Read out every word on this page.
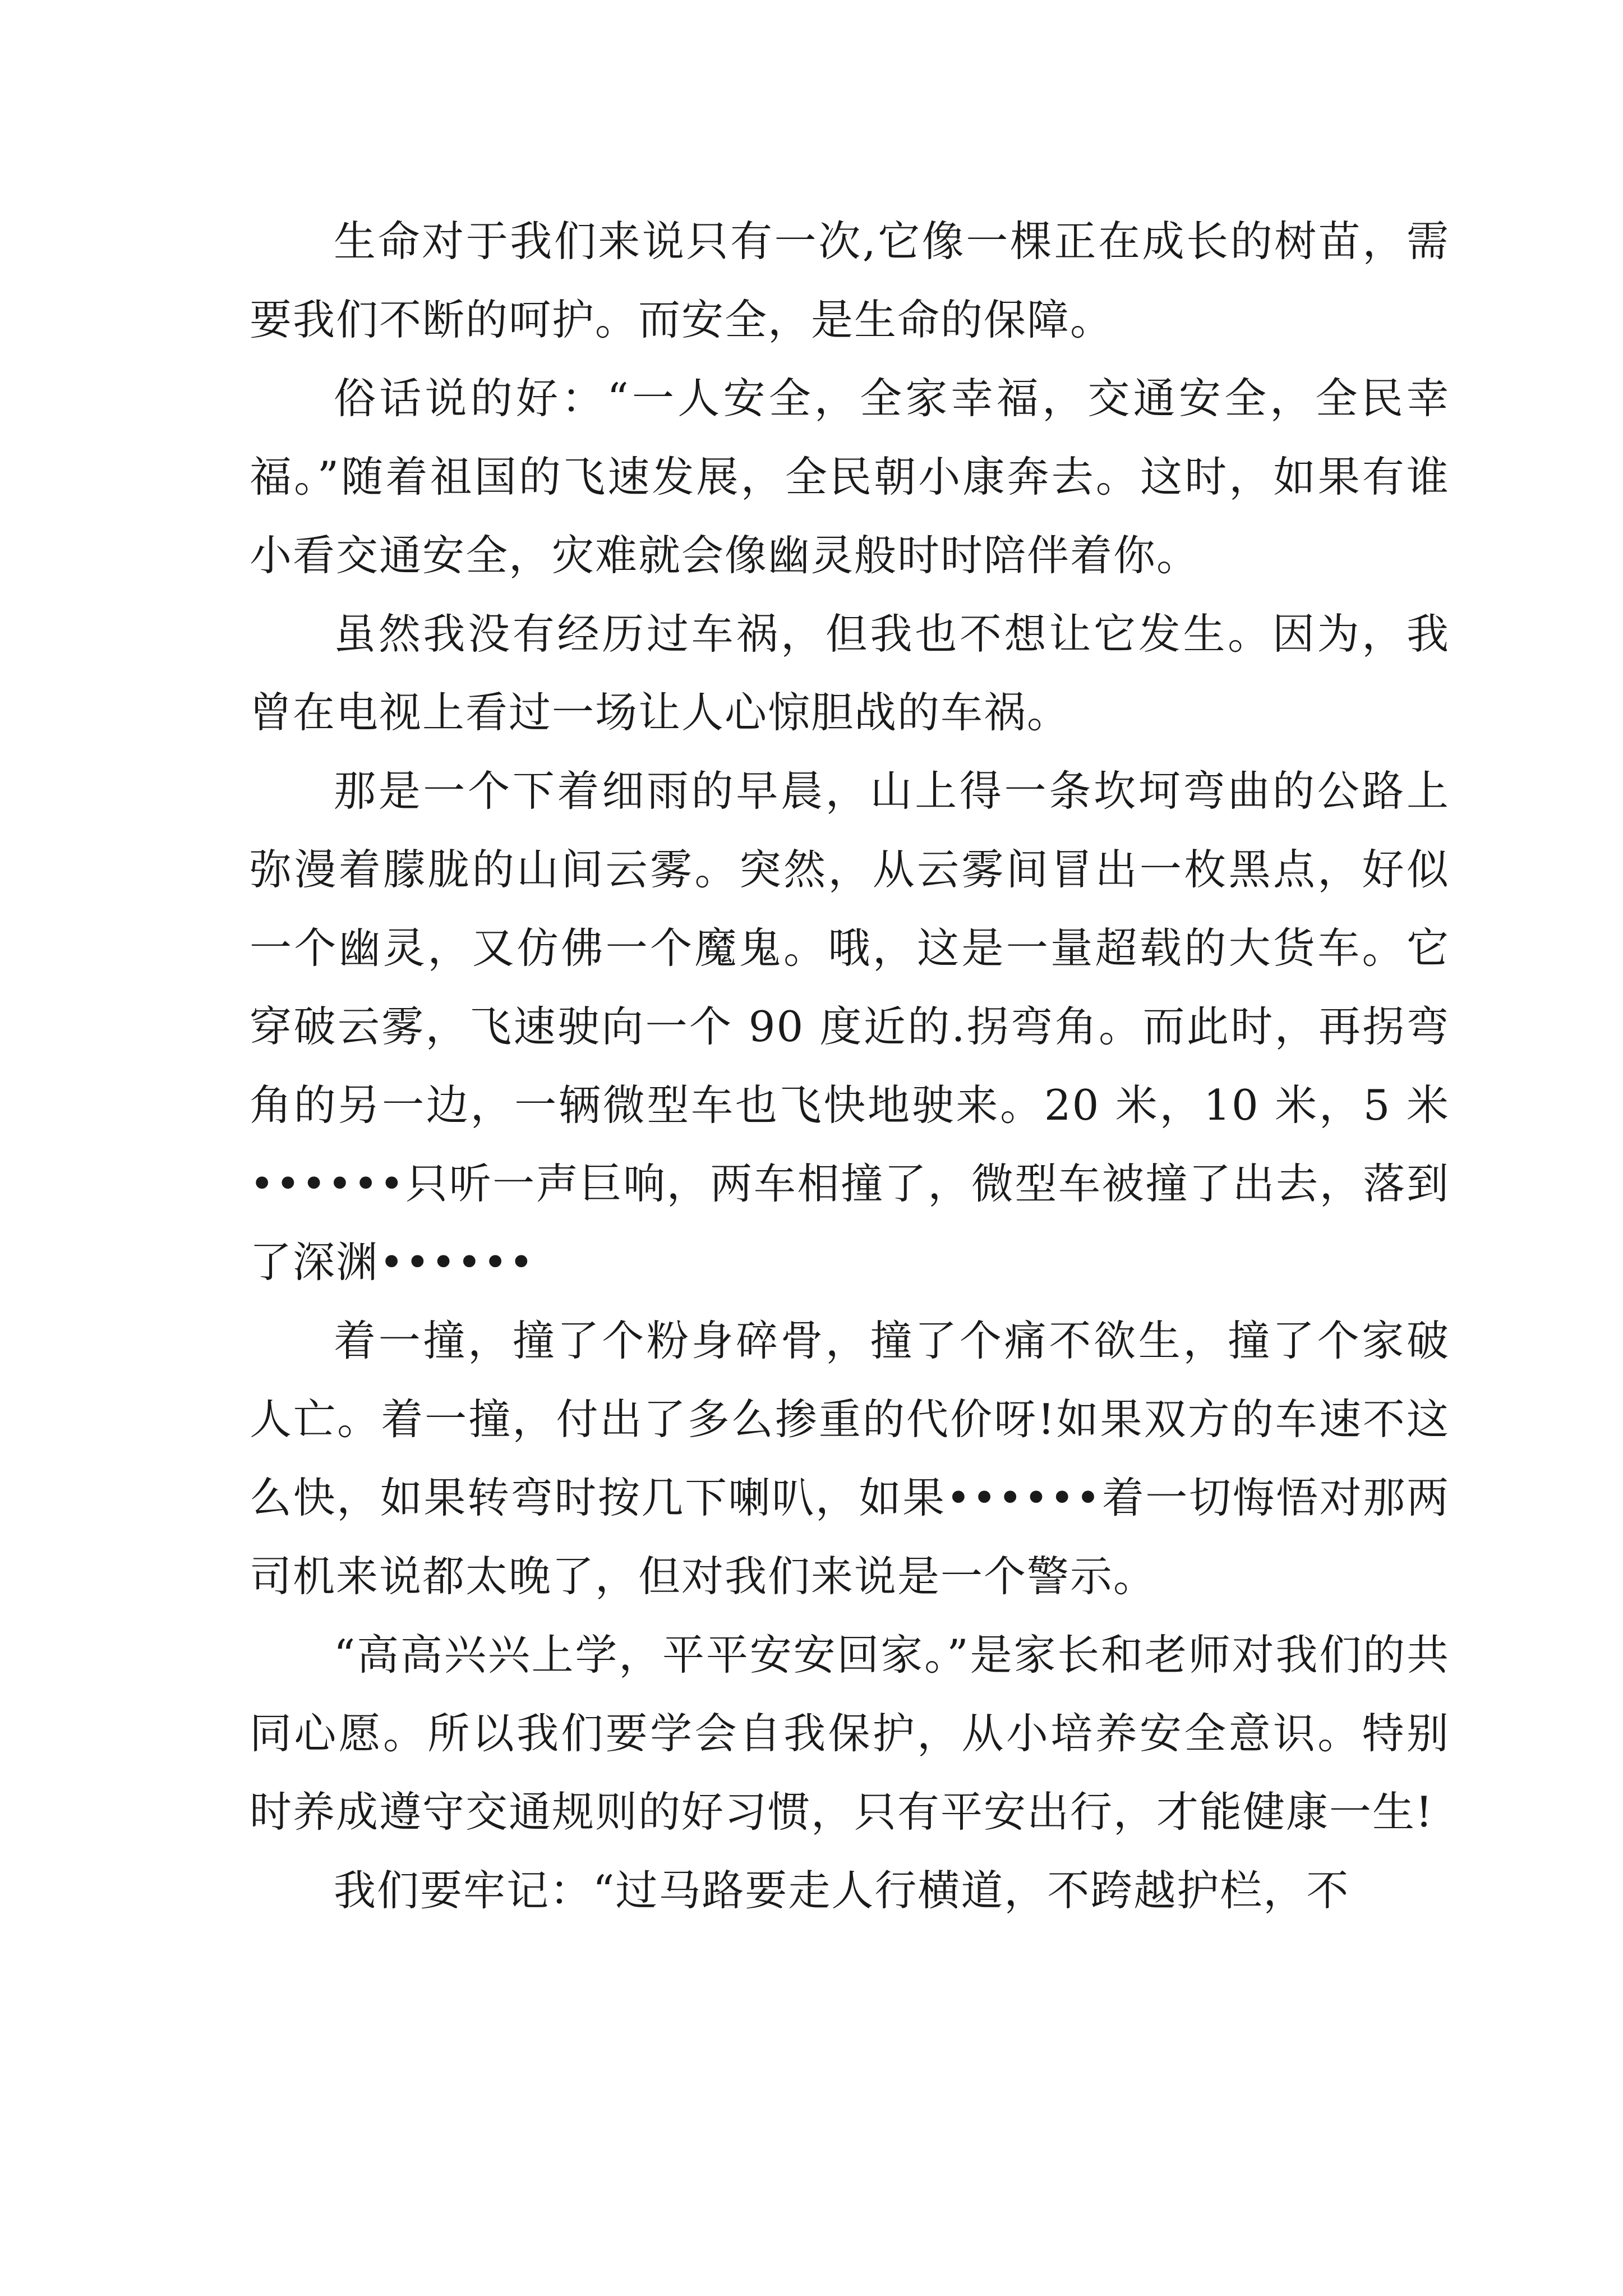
生命对于我们来说只有一次,它像一棵正在成长的树苗，需要我们不断的呵护。而安全，是生命的保障。

俗话说的好：“一人安全，全家幸福，交通安全，全民幸福。”随着祖国的飞速发展，全民朝小康奔去。这时，如果有谁小看交通安全，灾难就会像幽灵般时时陪伴着你。

虽然我没有经历过车祸，但我也不想让它发生。因为，我曾在电视上看过一场让人心惊胆战的车祸。

那是一个下着细雨的早晨，山上得一条坎坷弯曲的公路上弥漫着朦胧的山间云雾。突然，从云雾间冒出一枚黑点，好似一个幽灵，又仿佛一个魔鬼。哦，这是一量超载的大货车。它穿破云雾，飞速驶向一个 90 度近的.拐弯角。而此时，再拐弯角的另一边，一辆微型车也飞快地驶来。20 米，10 米，5 米••••••只听一声巨响，两车相撞了，微型车被撞了出去，落到了深渊••••••

着一撞，撞了个粉身碎骨，撞了个痛不欲生，撞了个家破人亡。着一撞，付出了多么掺重的代价呀!如果双方的车速不这么快，如果转弯时按几下喇叭，如果••••••着一切悔悟对那两司机来说都太晚了，但对我们来说是一个警示。

“高高兴兴上学，平平安安回家。”是家长和老师对我们的共同心愿。所以我们要学会自我保护，从小培养安全意识。特别时养成遵守交通规则的好习惯，只有平安出行，才能健康一生!

我们要牢记：“过马路要走人行横道，不跨越护栏，不
